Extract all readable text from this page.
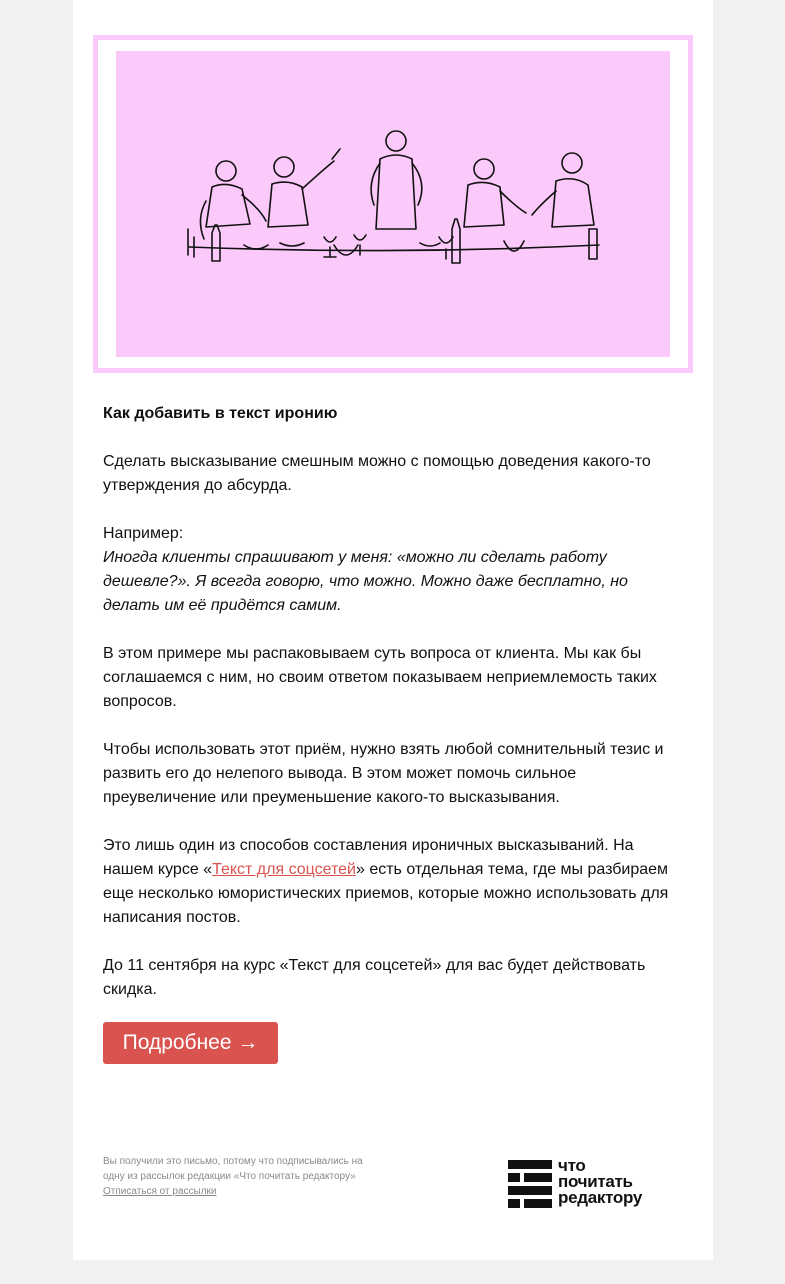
Как добавить в текст иронию

Сделать высказывание смешным можно с помощью доведения какого-то утверждения до абсурда.

Например:
Иногда клиенты спрашивают у меня: «можно ли сделать работу дешевле?». Я всегда говорю, что можно. Можно даже бесплатно, но делать им её придётся самим.

В этом примере мы распаковываем суть вопроса от клиента. Мы как бы соглашаемся с ним, но своим ответом показываем неприемлемость таких вопросов.

Чтобы использовать этот приём, нужно взять любой сомнительный тезис и развить его до нелепого вывода. В этом может помочь сильное преувеличение или преуменьшение какого-то высказывания.

Это лишь один из способов составления ироничных высказываний. На нашем курсе «Текст для соцсетей» есть отдельная тема, где мы разбираем еще несколько юмористических приемов, которые можно использовать для написания постов.

До 11 сентября на курс «Текст для соцсетей» для вас будет действовать скидка.

Подробнее →
Вы получили это письмо, потому что подписывались на одну из рассылок редакции «Что почитать редактору»
Отписаться от рассылки
что
почитать
редактору
